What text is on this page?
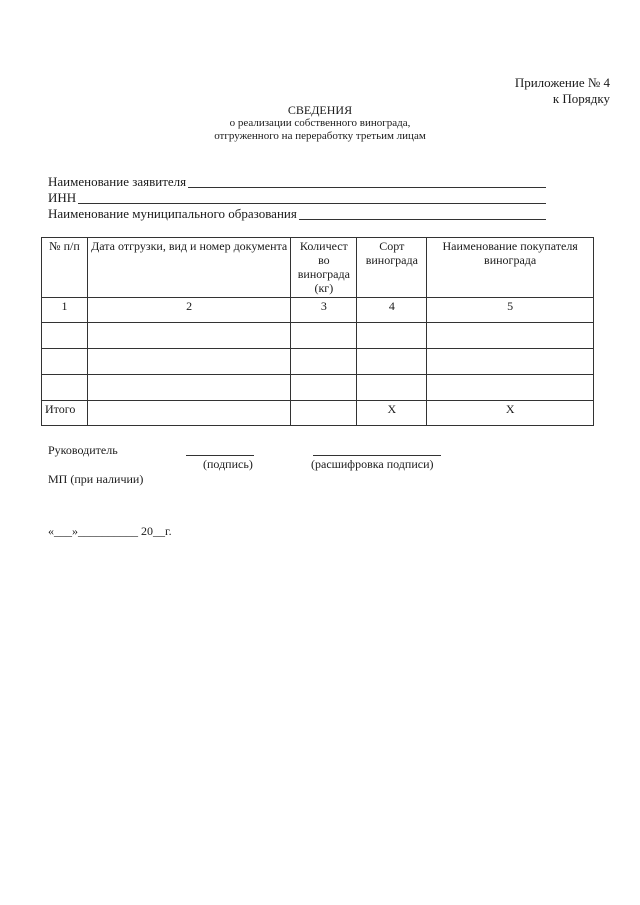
Приложение № 4
к Порядку
СВЕДЕНИЯ
о реализации собственного винограда,
отгруженного на переработку третьим лицам
Наименование заявителя
ИНН
Наименование муниципального образования
№ п/п	Дата отгрузки, вид и номер документа	Количест
во
винограда
(кг)	Сорт винограда	Наименование покупателя винограда
1	2	3	4	5

Итого			X	X
Руководитель
(подпись)	(расшифровка подписи)
МП (при наличии)
«___»__________ 20__г.
